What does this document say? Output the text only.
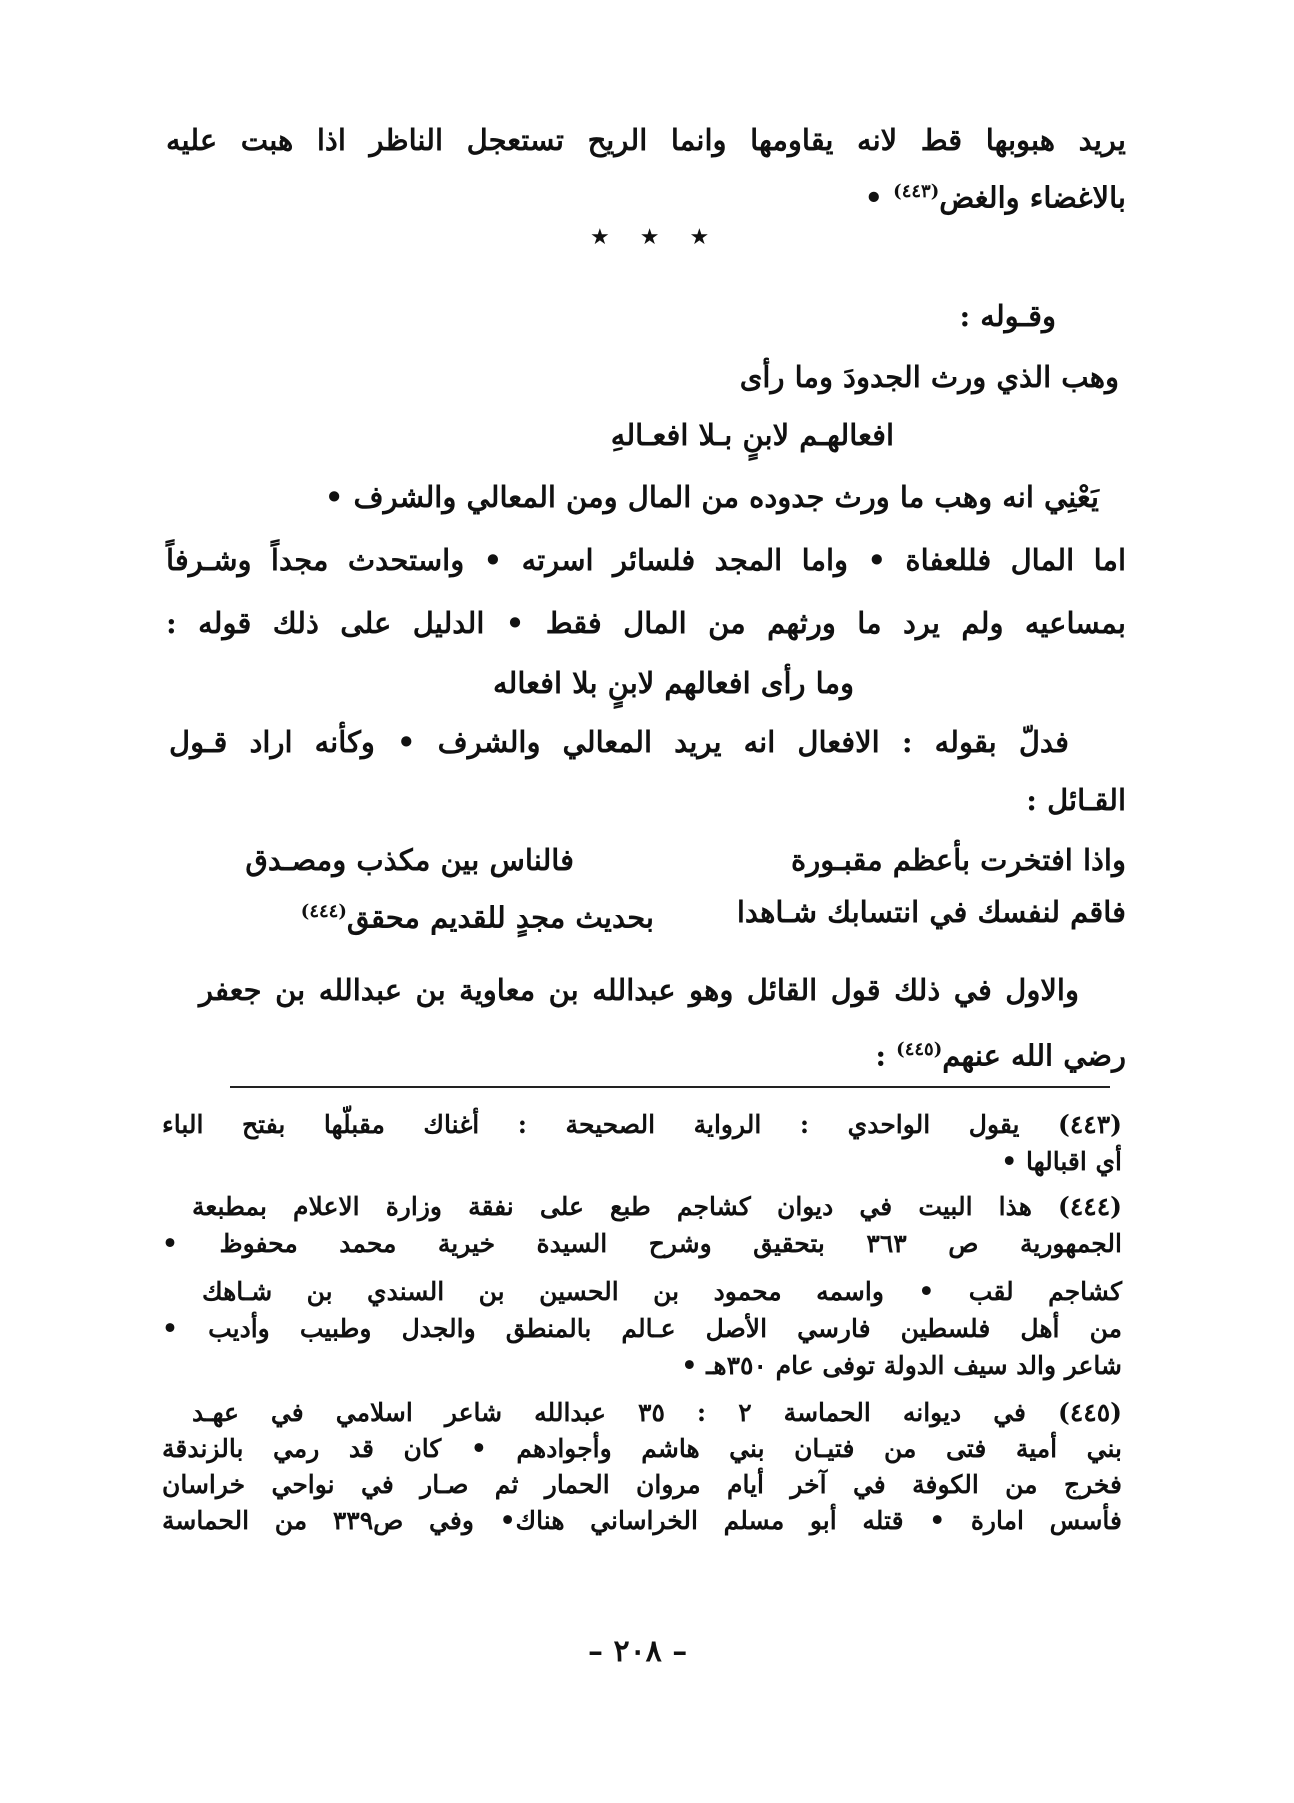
يريد هبوبها قط لانه يقاومها وانما الريح تستعجل الناظر اذا هبت عليه
بالاغضاء والغض$^{(٤٤٣)}$ •
★★★
وقـوله :
وهب الذي ورث الجدودَ وما رأى
افعالهـم لابنٍ بـلا افعـالهِ
يَعْنِي انه وهب ما ورث جدوده من المال ومن المعالي والشرف •
اما المال فللعفاة • واما المجد فلسائر اسرته • واستحدث مجداً وشـرفاً
بمساعيه ولم يرد ما ورثهم من المال فقط • الدليل على ذلك قوله :
وما رأى افعالهم لابنٍ بلا افعاله
فدلّ بقوله : الافعال انه يريد المعالي والشرف • وكأنه اراد قـول
القـائل :
واذا افتخرت بأعظم مقبـورة
فالناس بين مكذب ومصـدق
فاقم لنفسك في انتسابك شـاهدا
بحديث مجدٍ للقديم محقق$^{(٤٤٤)}$
والاول في ذلك قول القائل وهو عبدالله بن معاوية بن عبدالله بن جعفر
رضي الله عنهم$^{(٤٤٥)}$ :
(٤٤٣) يقول الواحدي : الرواية الصحيحة : أغناك مقبلّها بفتح الباء
أي اقبالها •
(٤٤٤) هذا البيت في ديوان كشاجم طبع على نفقة وزارة الاعلام بمطبعة
الجمهورية ص ٣٦٣ بتحقيق وشرح السيدة خيرية محمد محفوظ •
كشاجم لقب • واسمه محمود بن الحسين بن السندي بن شـاهك
من أهل فلسطين فارسي الأصل عـالم بالمنطق والجدل وطبيب وأديب •
شاعر والد سيف الدولة توفى عام ٣٥٠هـ •
(٤٤٥) في ديوانه الحماسة ٢ : ٣٥ عبدالله شاعر اسلامي في عهـد
بني أمية فتى من فتيـان بني هاشم وأجوادهم • كان قد رمي بالزندقة
فخرج من الكوفة في آخر أيام مروان الحمار ثم صـار في نواحي خراسان
فأسس امارة • قتله أبو مسلم الخراساني هناك• وفي ص٣٣٩ من الحماسة
– ٢٠٨ –
